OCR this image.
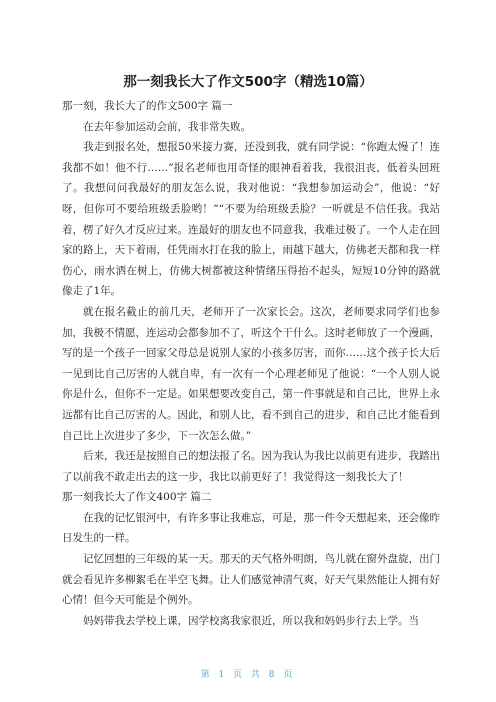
那一刻我长大了作文500字（精选10篇）

那一刻，我长大了的作文500字 篇一

在去年参加运动会前，我非常失败。

我走到报名处，想报50米接力赛，还没到我，就有同学说：“你跑太慢了！连我都不如！他不行……”报名老师也用奇怪的眼神看着我，我很沮丧，低着头回班了。我想问问我最好的朋友怎么说，我对他说：“我想参加运动会”，他说：“好呀，但你可不要给班级丢脸哟！”“不要为给班级丢脸？一听就是不信任我。我站着，楞了好久才反应过来。连最好的朋友也不同意我，我难过极了。一个人走在回家的路上，天下着雨，任凭雨水打在我的脸上，雨越下越大，仿佛老天都和我一样伤心，雨水洒在树上，仿佛大树都被这种情绪压得抬不起头，短短10分钟的路就像走了1年。

就在报名截止的前几天，老师开了一次家长会。这次，老师要求同学们也参加，我极不情愿，连运动会都参加不了，听这个干什么。这时老师放了一个漫画，写的是一个孩子一回家父母总是说别人家的小孩多厉害，而你……这个孩子长大后一见到比自己厉害的人就自卑，有一次有一个心理老师见了他说：“一个人别人说你是什么，但你不一定是。如果想要改变自己，第一件事就是和自己比，世界上永远都有比自己厉害的人。因此，和别人比，看不到自己的进步，和自己比才能看到自己比上次进步了多少，下一次怎么做。”

后来，我还是按照自己的想法报了名。因为我认为我比以前更有进步，我踏出了以前我不敢走出去的这一步，我比以前更好了！我觉得这一刻我长大了！

那一刻我长大了作文400字 篇二

在我的记忆银河中，有许多事让我难忘，可是，那一件令天想起来，还会像昨日发生的一样。

记忆回想的三年级的某一天。那天的天气格外明朗，鸟儿就在窗外盘旋，出门就会看见许多柳絮毛在半空飞舞。让人们感觉神清气爽，好天气果然能让人拥有好心情！但今天可能是个例外。

妈妈带我去学校上课，因学校离我家很近，所以我和妈妈步行去上学。当

第 1 页 共 8 页
